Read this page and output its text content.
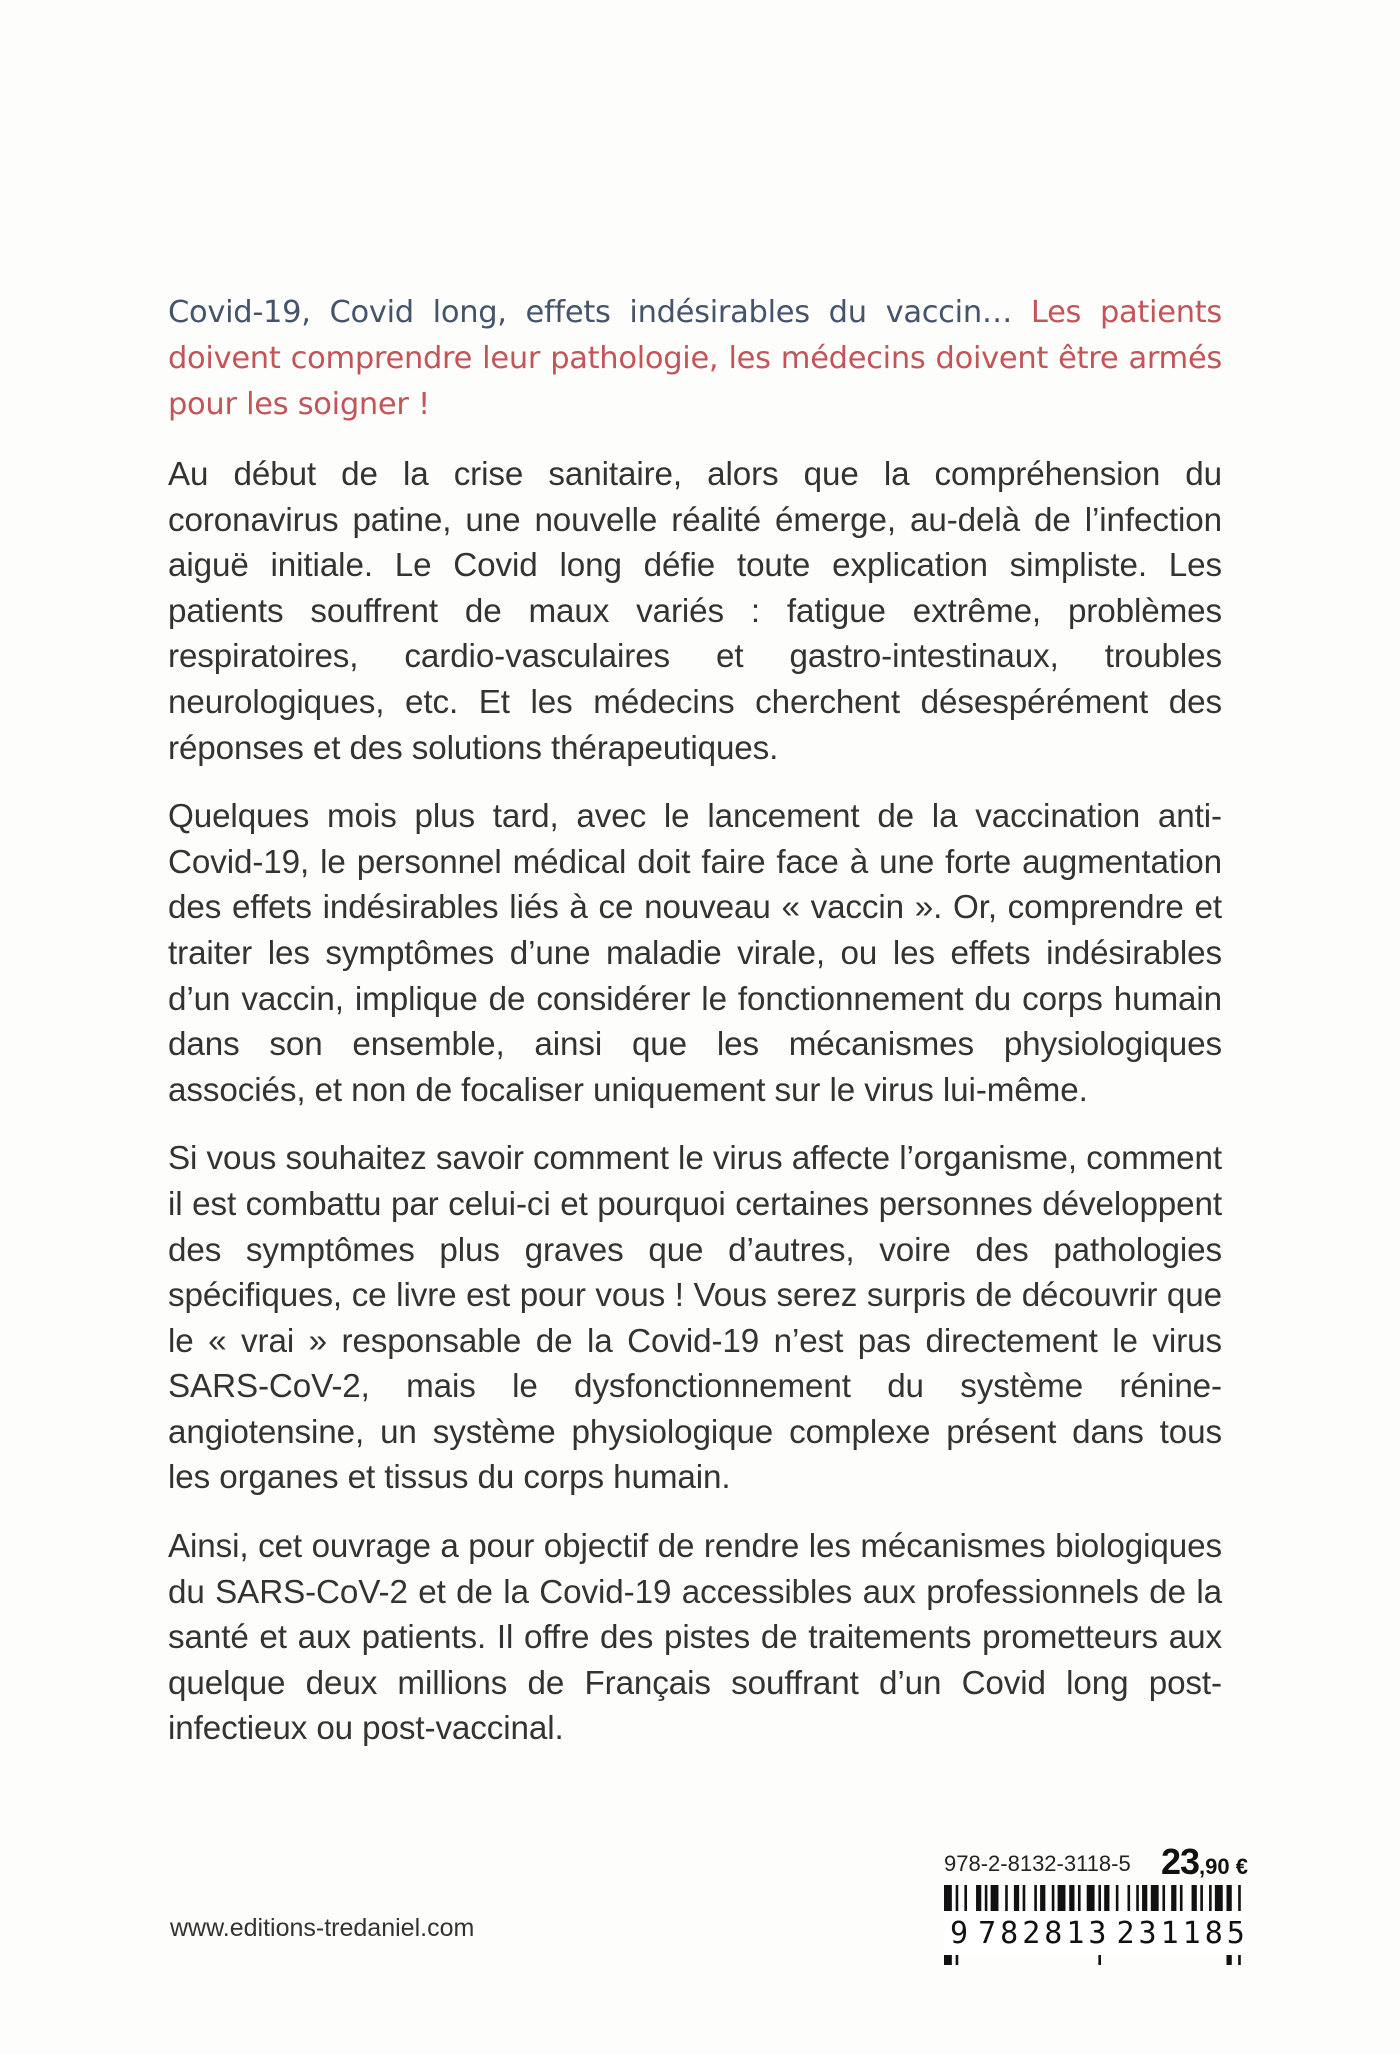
Covid-19, Covid long, effets indésirables du vaccin… Les patients doivent comprendre leur pathologie, les médecins doivent être armés pour les soigner !

Au début de la crise sanitaire, alors que la compréhension du coronavirus patine, une nouvelle réalité émerge, au-delà de l’infection aiguë initiale. Le Covid long défie toute explication simpliste. Les patients souffrent de maux variés : fatigue extrême, problèmes respiratoires, cardio-vasculaires et gastro-intestinaux, troubles neurologiques, etc. Et les médecins cherchent désespérément des réponses et des solutions thérapeutiques.

Quelques mois plus tard, avec le lancement de la vaccination anti-Covid-19, le personnel médical doit faire face à une forte augmentation des effets indésirables liés à ce nouveau « vaccin ». Or, comprendre et traiter les symptômes d’une maladie virale, ou les effets indésirables d’un vaccin, implique de considérer le fonctionnement du corps humain dans son ensemble, ainsi que les mécanismes physiologiques associés, et non de focaliser uniquement sur le virus lui-même.

Si vous souhaitez savoir comment le virus affecte l’organisme, comment il est combattu par celui-ci et pourquoi certaines personnes développent des symptômes plus graves que d’autres, voire des pathologies spécifiques, ce livre est pour vous ! Vous serez surpris de découvrir que le « vrai » responsable de la Covid-19 n’est pas directement le virus SARS-CoV-2, mais le dysfonctionnement du système rénine-angiotensine, un système physiologique complexe présent dans tous les organes et tissus du corps humain.

Ainsi, cet ouvrage a pour objectif de rendre les mécanismes biologiques du SARS-CoV-2 et de la Covid-19 accessibles aux professionnels de la santé et aux patients. Il offre des pistes de traitements prometteurs aux quelque deux millions de Français souffrant d’un Covid long post-infectieux ou post-vaccinal.

www.editions-tredaniel.com
978-2-8132-3118-5 23,90 €
9 7 8 2 8 1 3 2 3 1 1 8 5
